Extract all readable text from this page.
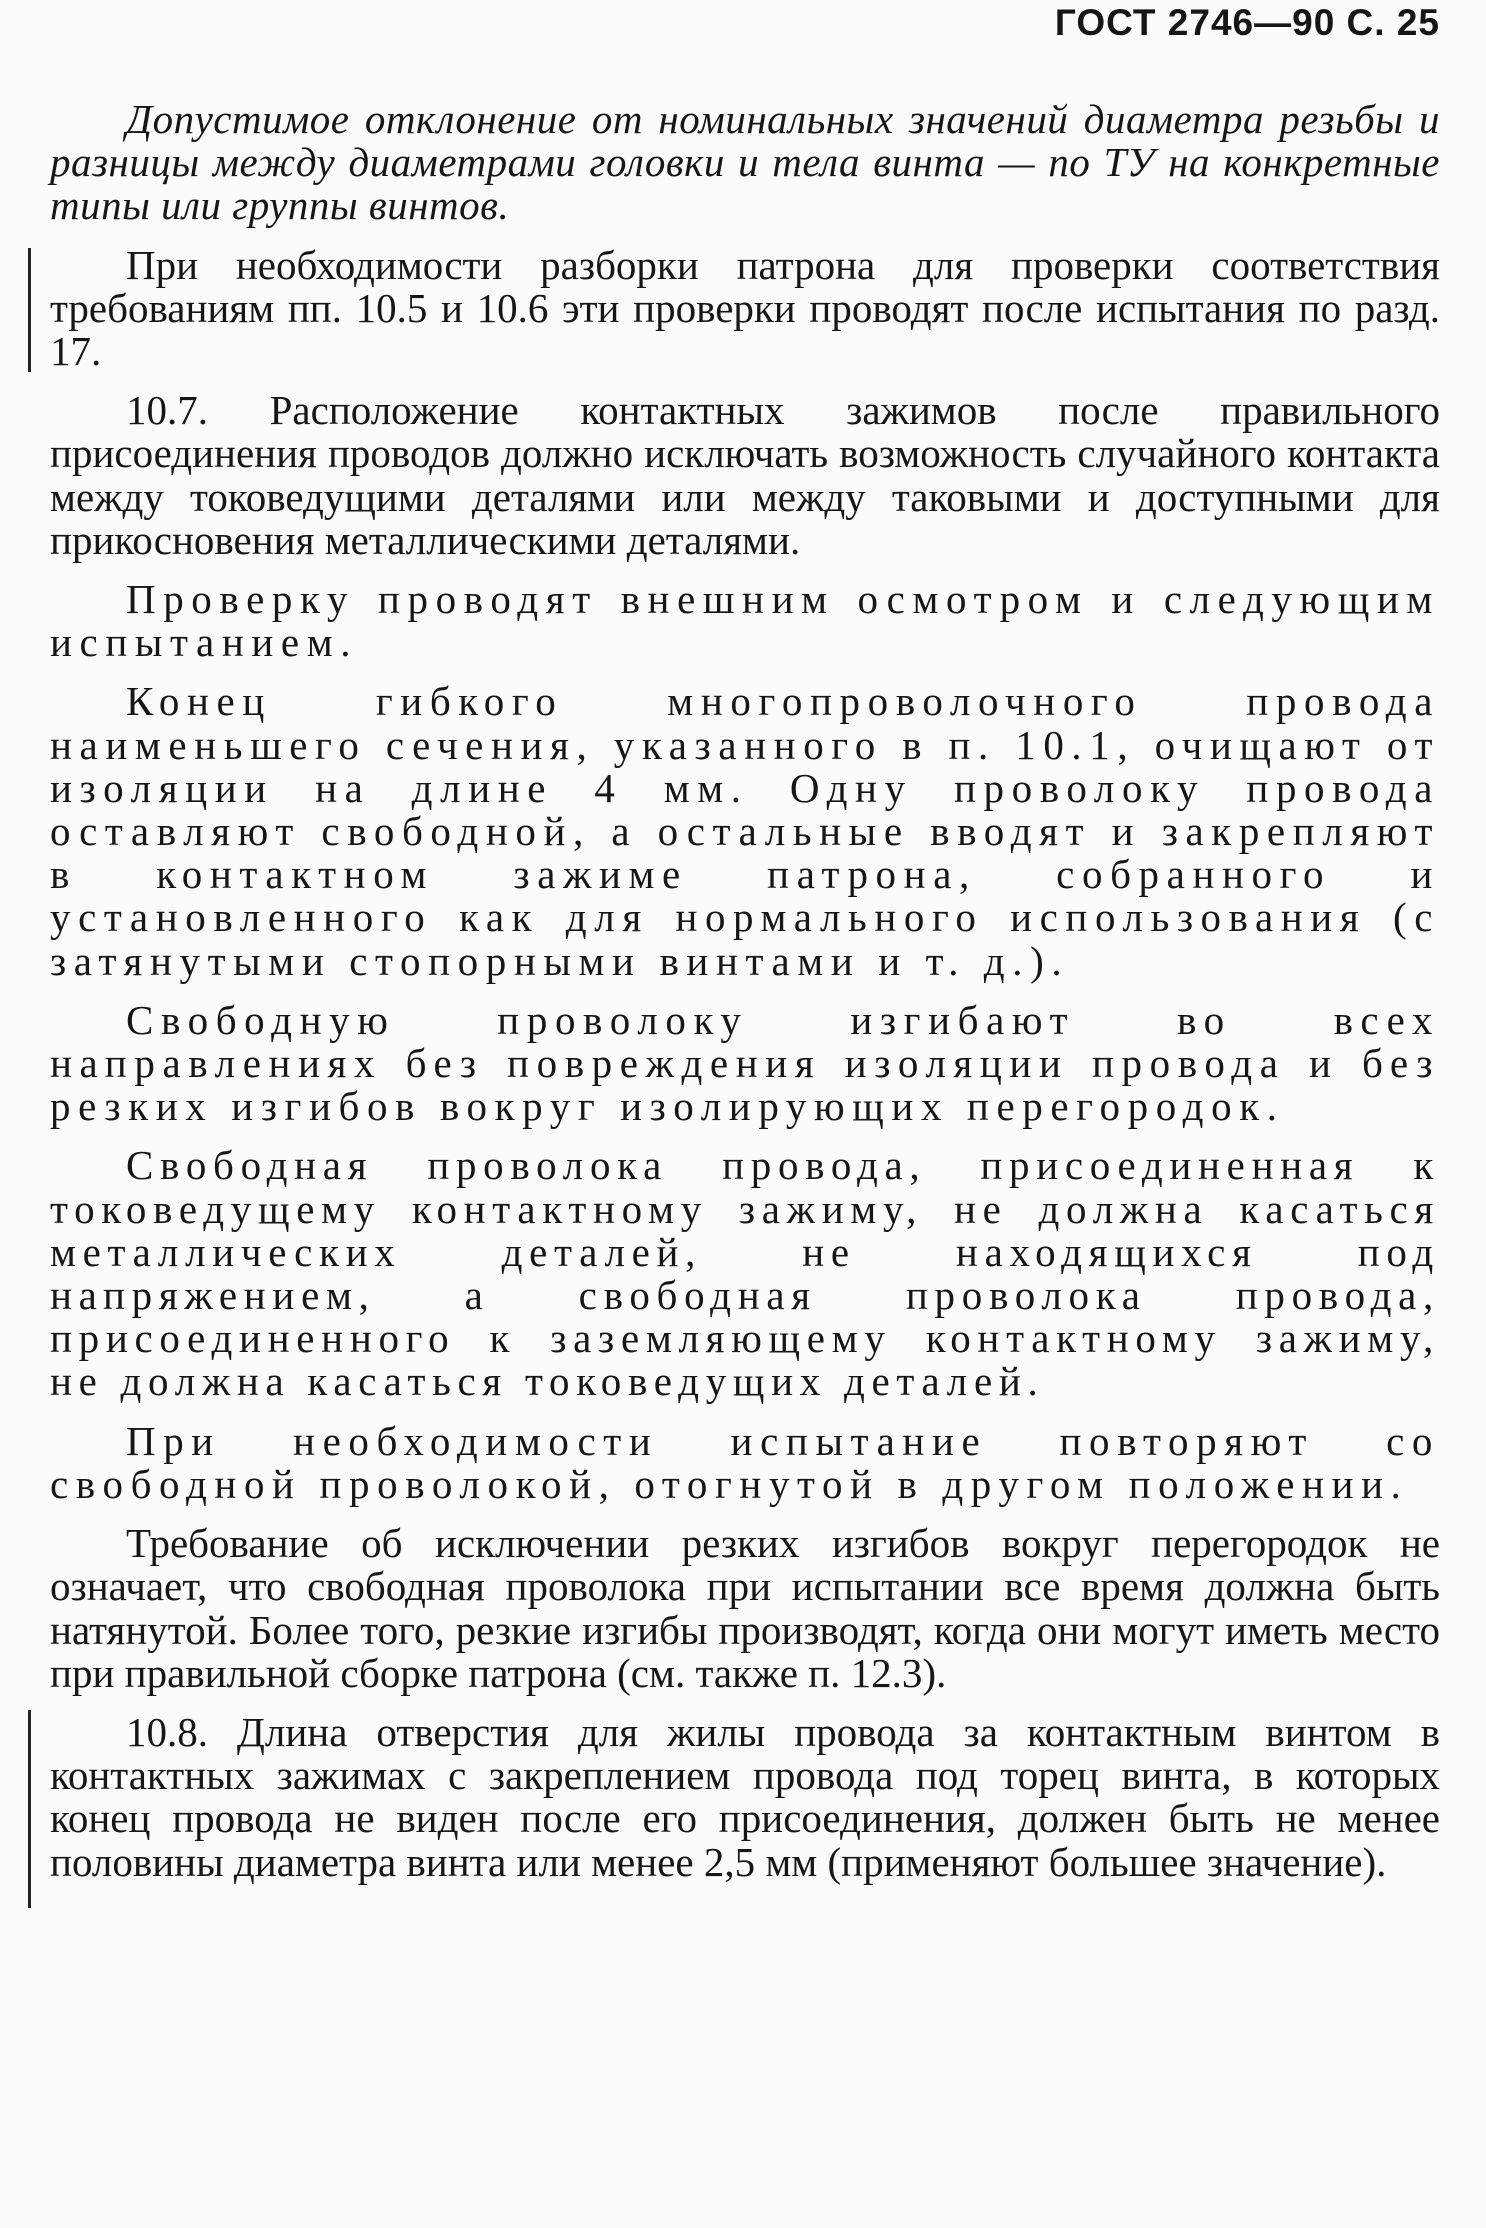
ГОСТ 2746—90 С. 25

Допустимое отклонение от номинальных значений диаметра резьбы и разницы между диаметрами головки и тела винта — по ТУ на конкретные типы или группы винтов.

При необходимости разборки патрона для проверки соответствия требованиям пп. 10.5 и 10.6 эти проверки проводят после испытания по разд. 17.

10.7. Расположение контактных зажимов после правильного присоединения проводов должно исключать возможность случайного контакта между токоведущими деталями или между таковыми и доступными для прикосновения металлическими деталями.

Проверку проводят внешним осмотром и следующим испытанием.

Конец гибкого многопроволочного провода наименьшего сечения, указанного в п. 10.1, очищают от изоляции на длине 4 мм. Одну проволоку провода оставляют свободной, а остальные вводят и закрепляют в контактном зажиме патрона, собранного и установленного как для нормального использования (с затянутыми стопорными винтами и т. д.).

Свободную проволоку изгибают во всех направлениях без повреждения изоляции провода и без резких изгибов вокруг изолирующих перегородок.

Свободная проволока провода, присоединенная к токоведущему контактному зажиму, не должна касаться металлических деталей, не находящихся под напряжением, а свободная проволока провода, присоединенного к заземляющему контактному зажиму, не должна касаться токоведущих деталей.

При необходимости испытание повторяют со свободной проволокой, отогнутой в другом положении.

Требование об исключении резких изгибов вокруг перегородок не означает, что свободная проволока при испытании все время должна быть натянутой. Более того, резкие изгибы производят, когда они могут иметь место при правильной сборке патрона (см. также п. 12.3).

10.8. Длина отверстия для жилы провода за контактным винтом в контактных зажимах с закреплением провода под торец винта, в которых конец провода не виден после его присоединения, должен быть не менее половины диаметра винта или менее 2,5 мм (применяют большее значение).
